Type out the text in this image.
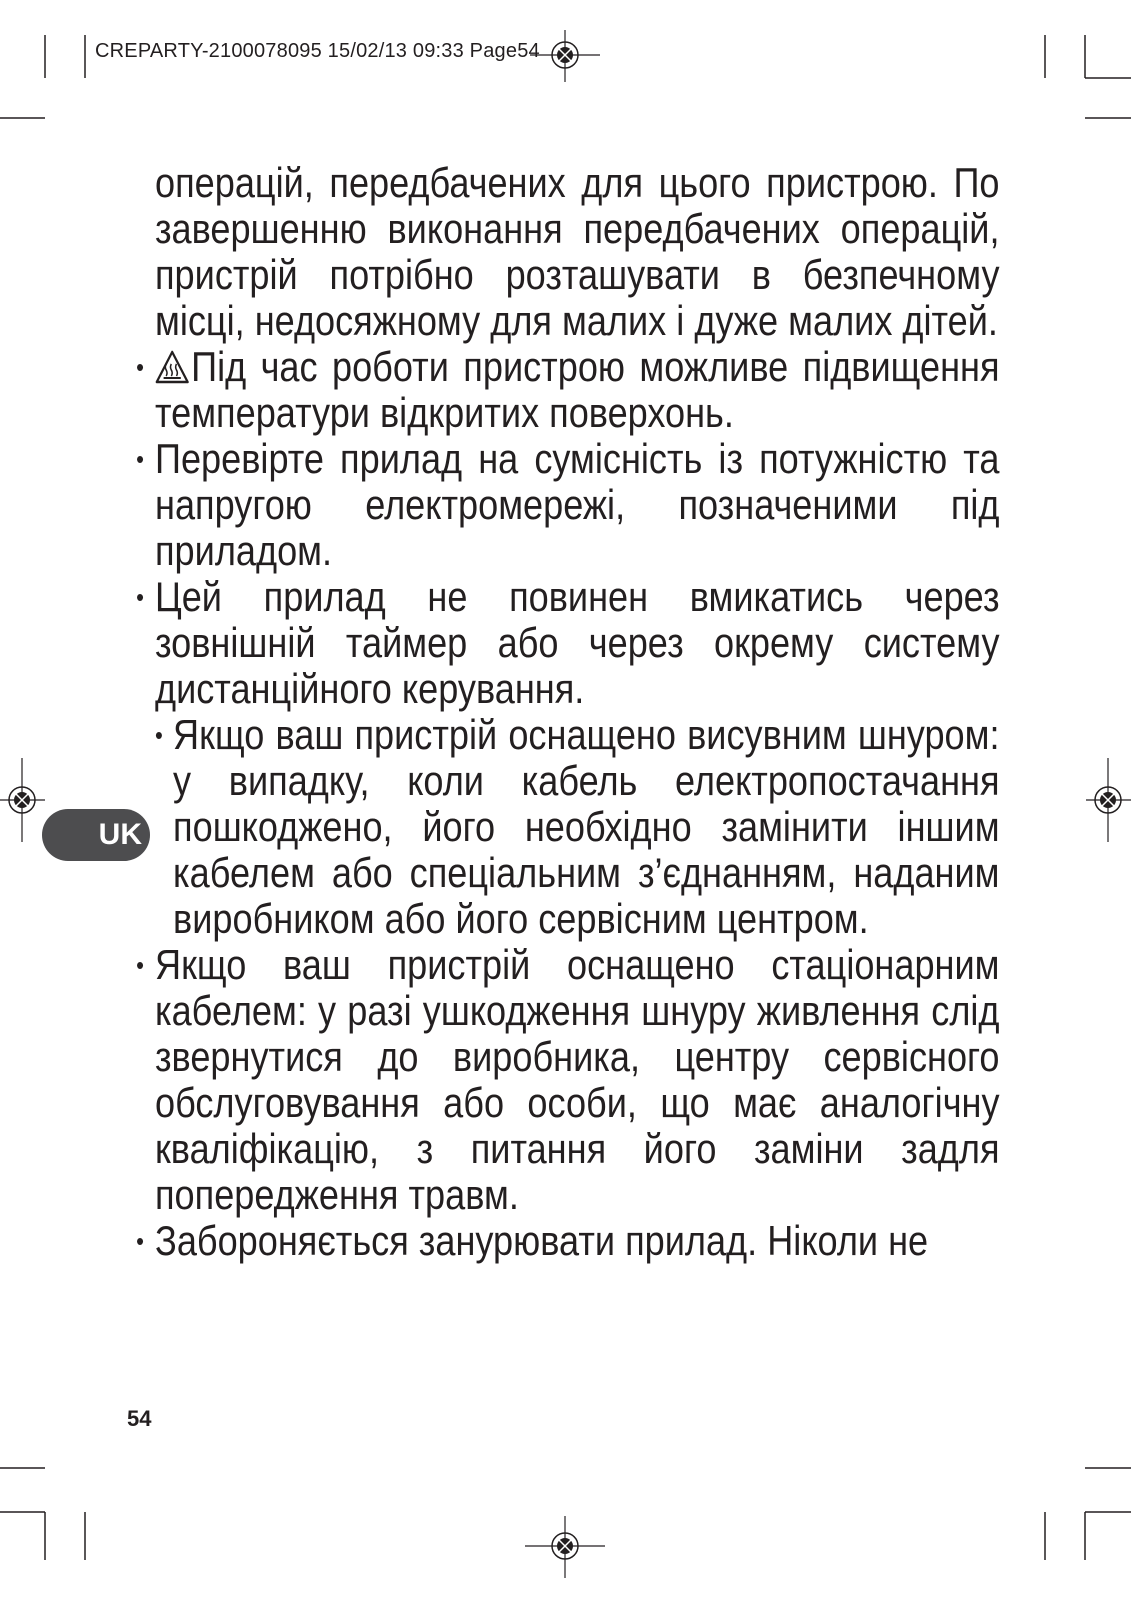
CREPARTY-2100078095 15/02/13 09:33 Page54
UK

операцій, передбачених для цього пристрою. По завершенню виконання передбачених операцій, пристрій потрібно розташувати в безпечному місці, недосяжному для малих і дуже малих дітей.

• Під час роботи пристрою можливе підвищення температури відкритих поверхонь.
• Перевірте прилад на сумісність із потужністю та напругою електромережі, позначеними під приладом.
• Цей прилад не повинен вмикатись через зовнішній таймер або через окрему систему дистанційного керування.
• Якщо ваш пристрій оснащено висувним шнуром: у випадку, коли кабель електропостачання пошкоджено, його необхідно замінити іншим кабелем або спеціальним з’єднанням, наданим виробником або його сервісним центром.
• Якщо ваш пристрій оснащено стаціонарним кабелем: у разі ушкодження шнуру живлення слід звернутися до виробника, центру сервісного обслуговування або особи, що має аналогічну кваліфікацію, з питання його заміни задля попередження травм.
• Забороняється занурювати прилад. Ніколи не
54
